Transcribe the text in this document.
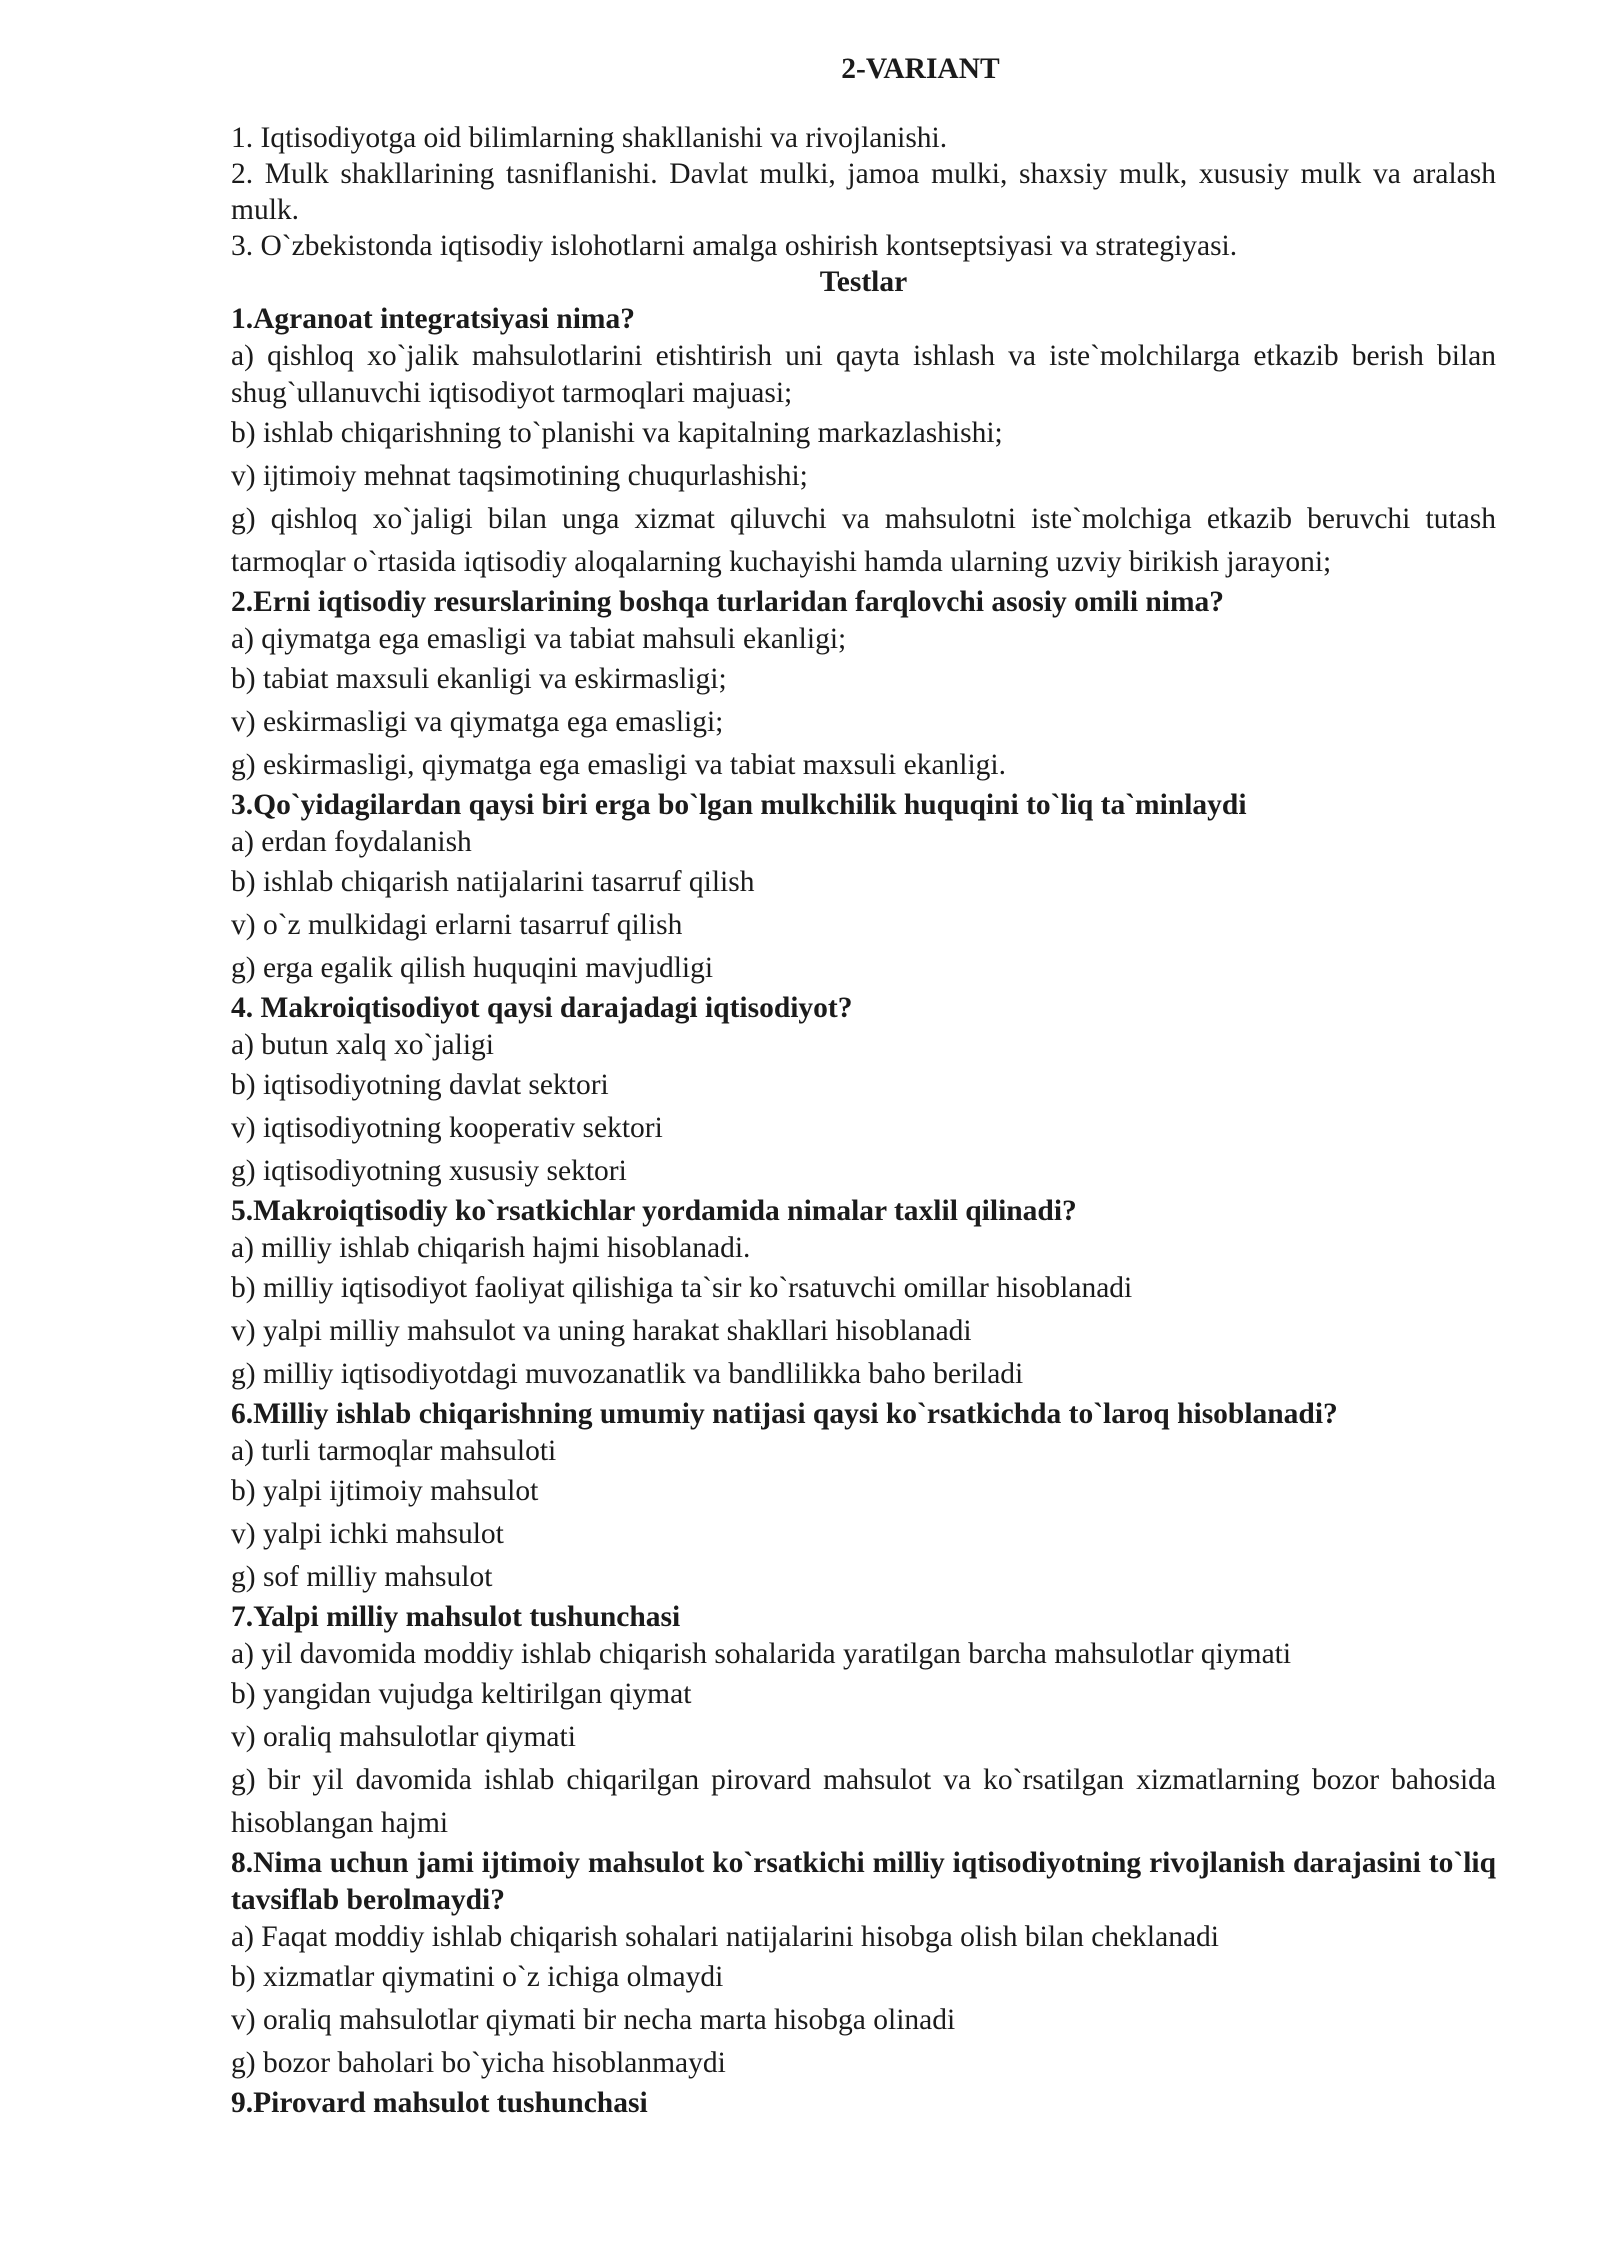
2-VARIANT

1. Iqtisodiyotga oid bilimlarning shakllanishi va rivojlanishi.

2. Mulk shakllarining tasniflanishi. Davlat mulki, jamoa mulki, shaxsiy mulk, xususiy mulk va aralash mulk.

3. O`zbekistonda iqtisodiy islohotlarni amalga oshirish kontseptsiyasi va strategiyasi.

Testlar

1.Agranoat integratsiyasi nima?

a) qishloq xo`jalik mahsulotlarini etishtirish uni qayta ishlash va iste`molchilarga etkazib berish bilan shug`ullanuvchi iqtisodiyot tarmoqlari majuasi;

b) ishlab chiqarishning to`planishi va kapitalning markazlashishi;

v) ijtimoiy mehnat taqsimotining chuqurlashishi;

g) qishloq xo`jaligi bilan unga xizmat qiluvchi va mahsulotni iste`molchiga etkazib beruvchi tutash tarmoqlar o`rtasida iqtisodiy aloqalarning kuchayishi hamda ularning uzviy birikish jarayoni;

2.Erni iqtisodiy resurslarining boshqa turlaridan farqlovchi asosiy omili nima?

a) qiymatga ega emasligi va tabiat mahsuli ekanligi;

b) tabiat maxsuli ekanligi va eskirmasligi;

v) eskirmasligi va qiymatga ega emasligi;

g) eskirmasligi, qiymatga ega emasligi va tabiat maxsuli ekanligi.

3.Qo`yidagilardan qaysi biri erga bo`lgan mulkchilik huquqini to`liq ta`minlaydi

a) erdan foydalanish

b) ishlab chiqarish natijalarini tasarruf qilish

v) o`z mulkidagi erlarni tasarruf qilish

g) erga egalik qilish huquqini mavjudligi

4. Makroiqtisodiyot qaysi darajadagi iqtisodiyot?

a) butun xalq xo`jaligi

b) iqtisodiyotning davlat sektori

v) iqtisodiyotning kooperativ sektori

g) iqtisodiyotning xususiy sektori

5.Makroiqtisodiy ko`rsatkichlar yordamida nimalar taxlil qilinadi?

a) milliy ishlab chiqarish hajmi hisoblanadi.

b) milliy iqtisodiyot faoliyat qilishiga ta`sir ko`rsatuvchi omillar hisoblanadi

v) yalpi milliy mahsulot va uning harakat shakllari hisoblanadi

g) milliy iqtisodiyotdagi muvozanatlik va bandlilikka baho beriladi

6.Milliy ishlab chiqarishning umumiy natijasi qaysi ko`rsatkichda to`laroq hisoblanadi?

a) turli tarmoqlar mahsuloti

b) yalpi ijtimoiy mahsulot

v) yalpi ichki mahsulot

g) sof milliy mahsulot

7.Yalpi milliy mahsulot tushunchasi

a) yil davomida moddiy ishlab chiqarish sohalarida yaratilgan barcha mahsulotlar qiymati

b) yangidan vujudga keltirilgan qiymat

v) oraliq mahsulotlar qiymati

g) bir yil davomida ishlab chiqarilgan pirovard mahsulot va ko`rsatilgan xizmatlarning bozor bahosida hisoblangan hajmi

8.Nima uchun jami ijtimoiy mahsulot ko`rsatkichi milliy iqtisodiyotning rivojlanish darajasini to`liq tavsiflab berolmaydi?

a) Faqat moddiy ishlab chiqarish sohalari natijalarini hisobga olish bilan cheklanadi

b) xizmatlar qiymatini o`z ichiga olmaydi

v) oraliq mahsulotlar qiymati bir necha marta hisobga olinadi

g) bozor baholari bo`yicha hisoblanmaydi

9.Pirovard mahsulot tushunchasi
